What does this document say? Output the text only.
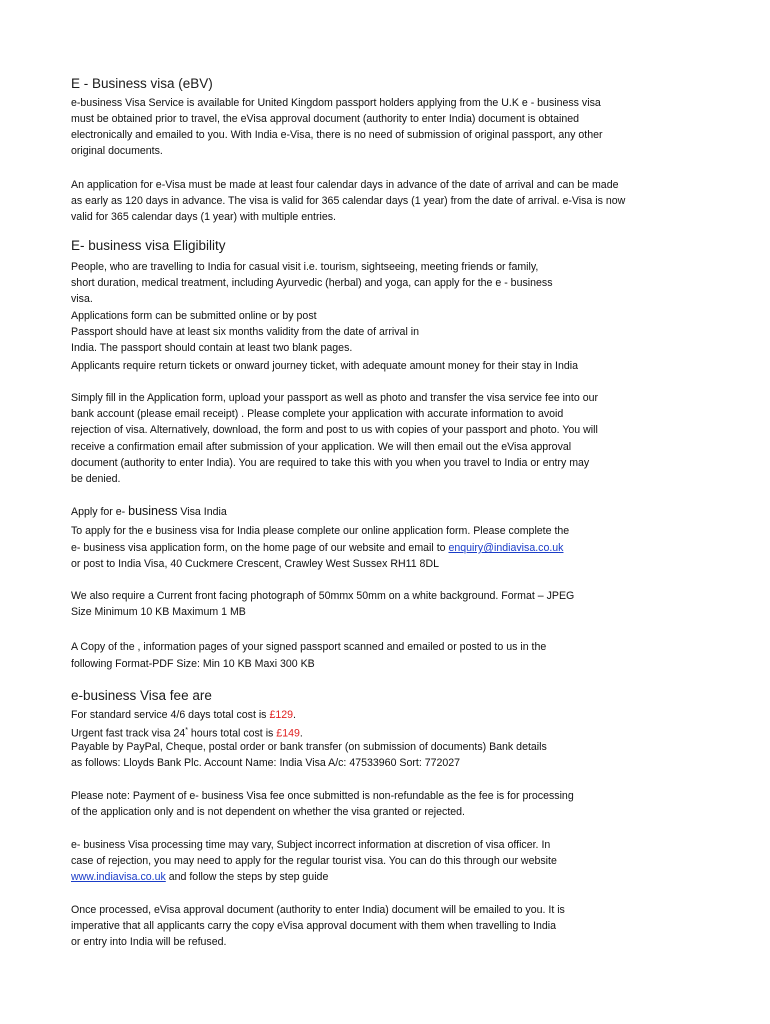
E - Business visa (eBV)

e-business Visa Service is available for United Kingdom passport holders applying from the U.K e - business visa

must be obtained prior to travel, the eVisa approval document (authority to enter India) document is obtained

electronically and emailed to you. With India e-Visa, there is no need of submission of original passport, any other

original documents.

An application for e-Visa must be made at least four calendar days in advance of the date of arrival and can be made

as early as 120 days in advance. The visa is valid for 365 calendar days (1 year) from the date of arrival. e-Visa is now

valid for 365 calendar days (1 year) with multiple entries.

E- business visa Eligibility

People, who are travelling to India for casual visit i.e. tourism, sightseeing, meeting friends or family,

short duration, medical treatment, including Ayurvedic (herbal) and yoga, can apply for the e - business

visa.

Applications form can be submitted online or by post

Passport should have at least six months validity from the date of arrival in

India. The passport should contain at least two blank pages.

Applicants require return tickets or onward journey ticket, with adequate amount money for their stay in India

Simply fill in the Application form, upload your passport as well as photo and transfer the visa service fee into our

bank account (please email receipt) . Please complete your application with accurate information to avoid

rejection of visa. Alternatively, download, the form and post to us with copies of your passport and photo. You will

receive a confirmation email after submission of your application. We will then email out the eVisa approval

document (authority to enter India). You are required to take this with you when you travel to India or entry may

be denied.

Apply for e- business Visa India

To apply for the e business visa for India please complete our online application form. Please complete the

e- business visa application form, on the home page of our website and email to enquiry@indiavisa.co.uk

or post to India Visa, 40 Cuckmere Crescent, Crawley West Sussex RH11 8DL

We also require a Current front facing photograph of 50mmx 50mm on a white background. Format – JPEG

Size Minimum 10 KB Maximum 1 MB

A Copy of the , information pages of your signed passport scanned and emailed or posted to us in the

following Format-PDF Size: Min 10 KB Maxi 300 KB

e-business Visa fee are

For standard service 4/6 days total cost is £129.

Urgent fast track visa 24* hours total cost is £149.

Payable by PayPal, Cheque, postal order or bank transfer (on submission of documents) Bank details

as follows: Lloyds Bank Plc. Account Name: India Visa A/c: 47533960 Sort: 772027

Please note: Payment of e- business Visa fee once submitted is non-refundable as the fee is for processing

of the application only and is not dependent on whether the visa granted or rejected.

e- business Visa processing time may vary, Subject incorrect information at discretion of visa officer. In

case of rejection, you may need to apply for the regular tourist visa. You can do this through our website

www.indiavisa.co.uk and follow the steps by step guide

Once processed, eVisa approval document (authority to enter India) document will be emailed to you. It is

imperative that all applicants carry the copy eVisa approval document with them when travelling to India

or entry into India will be refused.
